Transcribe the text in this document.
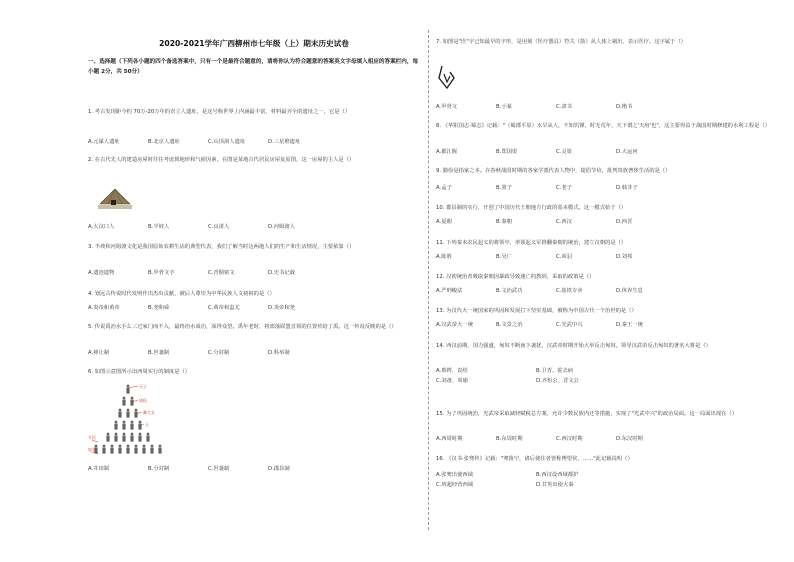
2020-2021学年广西柳州市七年级（上）期末历史试卷
一、选择题（下列各小题的四个备选答案中，只有一个是最符合题意的，请将你认为符合题意的答案英文字母填入相应的答案栏内，每小题 2分，共 50分）
1. 考古发现距今约 70万-20万年的直立人遗址，是这号称世界上内涵最丰富，材料最齐全的遗址之一，它是（）
A.元谋人遗址	B.北京人遗址	C.山顶洞人遗址	D.三星堆遗址
2. 在古代先人的建造房屋时往往考虑到地形和气候因素，在图是某地古代居民房屋复原图，这一房屋的主人是（）
A.大汶口人	B.半坡人	C.良渚人	D.河姆渡人
3. 半坡和河姆渡文化是我国原始农耕生活的典型代表，我们了解当时这两地人们的生产和生活情况，主要依靠（）
A.遗迹遗物	B.甲骨文字	C.青铜铭文	D.史书记载
4. 划远古传说时代发明作出杰出贡献，被后人尊崇为中华民族人文初祖的是（）
A.炎帝和黄帝	B.尧和舜	C.黄帝和蚩尤	D.炎帝和尧
5. 传说禹治水手么三过家门而不入，最终治水成功，深得众望。禹年老时，将部落联盟首领的位置传给了禹。这一传说反映的是（）
A.禅让制	B.世袭制	C.分封制	D.科举制
6. 如图示意图所示出西周实行的制度是（）
天子
诸侯
卿大夫
士
平民
奴隶
A.井田制	B.分封制	C.世袭制	D.郡县制
7. 如图是"医"字已知最早的字形，是用刻（医疗器具）符关（箭）从人体上剔出，表示医疗。这字属于（）
A.甲骨文	B.小篆	C.隶书	D.楷书
8. 《华阳国志·蜀志》记载："（蜀郡平原）水旱从人，不知饥馑，时无荒年，天下谓之'天府'也"，这主要得益于战国时期修建的水利工程是（）
A.都江堰	B.郑国渠	C.灵渠	D.大运河
9. 勤俭是指家之本。在春秋战国时期的各家学派代表人物中，提倡节俭，批判贵族奢侈生活的是（）
A.孟子	B.墨子	C.老子	D.韩非子
10. 郡县制的实行，开创了中国历代王朝地方行政的基本模式。这一模式始于（）
A.夏朝	B.秦朝	C.西汉	D.西晋
11. 下列秦末农民起义的将领中，率领起义军推翻秦朝的统治，建立汉朝的是（）
A.陈胜	B.吴广	C.项羽	D.刘邦
12. 汉初统治者吸取秦朝因暴政导致速亡的教训，采取的政策是（）
A.严刑峻法	B.文治武功	C.盐铁专卖	D.休养生息
13. 为汉代大一统国家的巩固和发展打下坚实基础，被称为中国古代一个治世的是（）
A.汉武帝大一统	B.文景之治	C.光武中兴	D.秦王一统
14. 西汉前期，国力强盛，匈奴不断南下袭扰，汉武帝时期开始大举反击匈奴。领导汉武帝反击匈奴的著名大将是（）
A.蔡锷、袁绍	B.卫青、霍去病
C.刘备、周瑜	D.齐桓公、晋文公
15. 为了巩固统治，光武帝采取减轻赋税总方案，允许少数民族内迁等措施，实现了"光武中兴"的政治局面。这一局面出现在（）
A.西周时期	B.东周时期	C.西汉时期	D.东汉时期
16. 《汉书·张骞传》记载："骞凿空，诸后使往者皆称博望侯，……"此记载说明（）
A.张骞出使西域	B.西汉设西域都护
C.班超经营西域	D.甘英出使大秦
